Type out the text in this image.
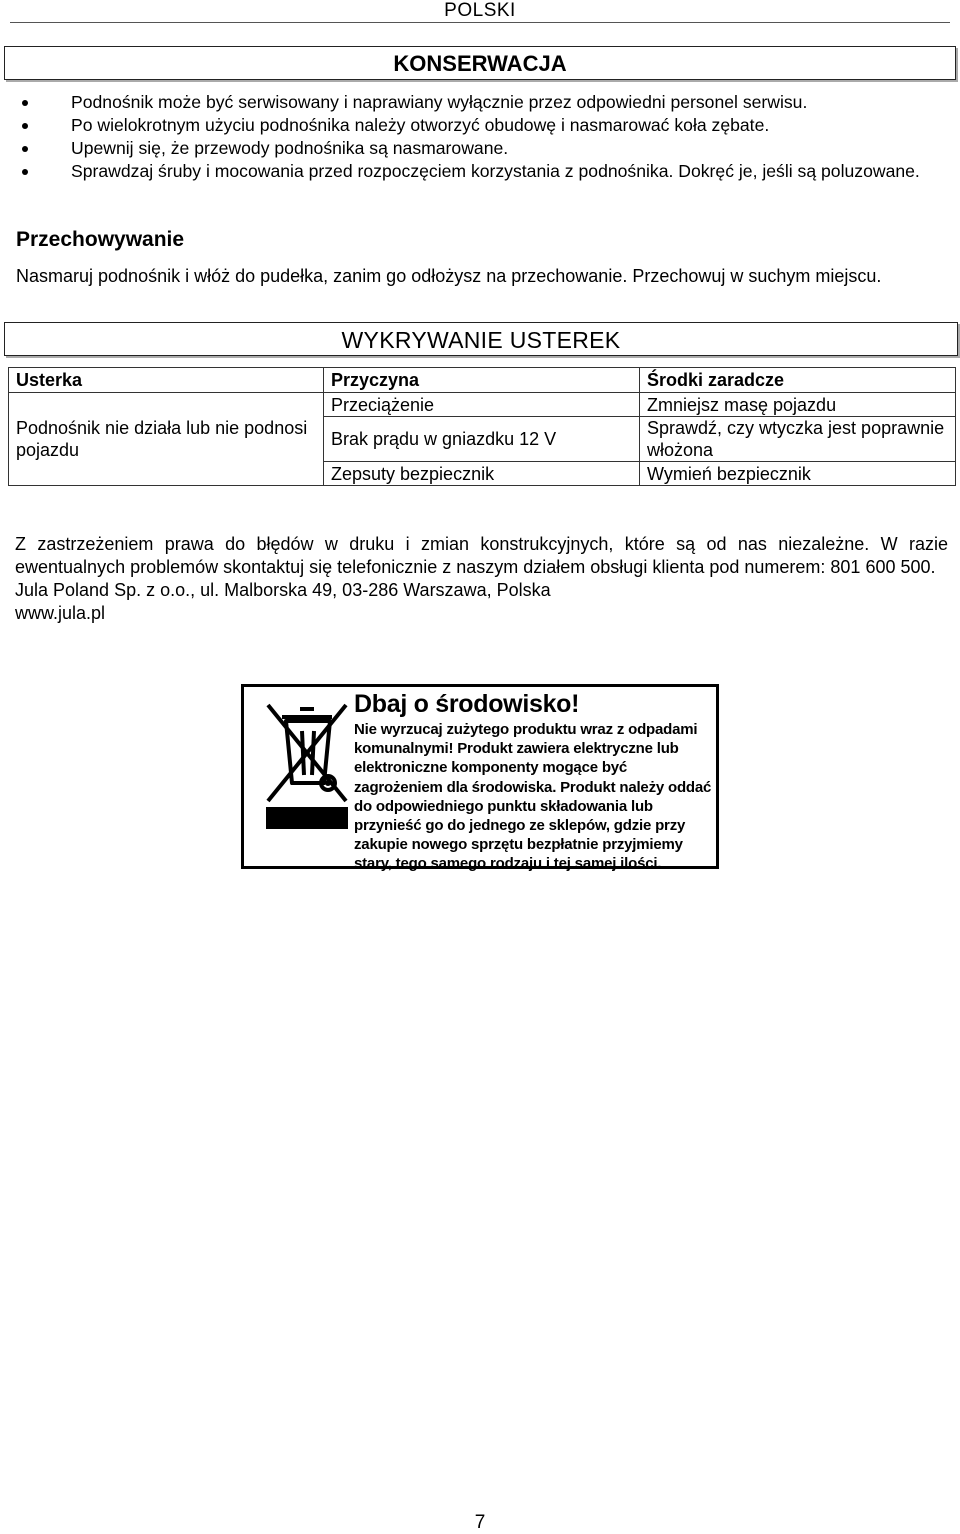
POLSKI
KONSERWACJA
Podnośnik może być serwisowany i naprawiany wyłącznie przez odpowiedni personel serwisu.
Po wielokrotnym użyciu podnośnika należy otworzyć obudowę i nasmarować koła zębate.
Upewnij się, że przewody podnośnika są nasmarowane.
Sprawdzaj śruby i mocowania przed rozpoczęciem korzystania z podnośnika. Dokręć je, jeśli są poluzowane.
Przechowywanie
Nasmaruj podnośnik i włóż do pudełka, zanim go odłożysz na przechowanie. Przechowuj w suchym miejscu.
WYKRYWANIE USTEREK
Usterka	Przyczyna	Środki zaradcze
Podnośnik nie działa lub nie podnosi pojazdu	Przeciążenie	Zmniejsz masę pojazdu
	Brak prądu w gniazdku 12 V	Sprawdź, czy wtyczka jest poprawnie włożona
	Zepsuty bezpiecznik	Wymień bezpiecznik

Z zastrzeżeniem prawa do błędów w druku i zmian konstrukcyjnych, które są od nas niezależne. W razie ewentualnych problemów skontaktuj się telefonicznie z naszym działem obsługi klienta pod numerem: 801 600 500.

Jula Poland Sp. z o.o., ul. Malborska 49, 03-286 Warszawa, Polska

www.jula.pl

Dbaj o środowisko!
Nie wyrzucaj zużytego produktu wraz z odpadami komunalnymi! Produkt zawiera elektryczne lub elektroniczne komponenty mogące być zagrożeniem dla środowiska. Produkt należy oddać do odpowiedniego punktu składowania lub przynieść go do jednego ze sklepów, gdzie przy zakupie nowego sprzętu bezpłatnie przyjmiemy stary, tego samego rodzaju i tej samej ilości.
7
